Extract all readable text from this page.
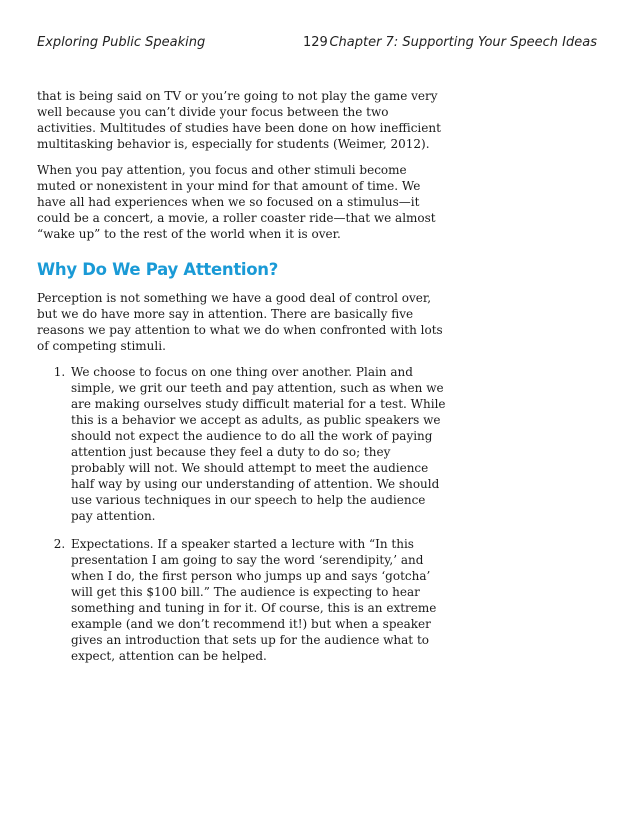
Exploring Public Speaking	129 Chapter 7: Supporting Your Speech Ideas

that is being said on TV or you’re going to not play the game very well because you can’t divide your focus between the two activities. Multitudes of studies have been done on how inefficient multitasking behavior is, especially for students (Weimer, 2012).

When you pay attention, you focus and other stimuli become muted or nonexistent in your mind for that amount of time. We have all had experiences when we so focused on a stimulus—it could be a concert, a movie, a roller coaster ride—that we almost “wake up” to the rest of the world when it is over.

Why Do We Pay Attention?

Perception is not something we have a good deal of control over, but we do have more say in attention. There are basically five reasons we pay attention to what we do when confronted with lots of competing stimuli.

1. We choose to focus on one thing over another. Plain and simple, we grit our teeth and pay attention, such as when we are making ourselves study difficult material for a test. While this is a behavior we accept as adults, as public speakers we should not expect the audience to do all the work of paying attention just because they feel a duty to do so; they probably will not. We should attempt to meet the audience half way by using our understanding of attention. We should use various techniques in our speech to help the audience pay attention.
2. Expectations. If a speaker started a lecture with “In this presentation I am going to say the word ‘serendipity,’ and when I do, the first person who jumps up and says ‘gotcha’ will get this $100 bill.” The audience is expecting to hear something and tuning in for it. Of course, this is an extreme example (and we don’t recommend it!) but when a speaker gives an introduction that sets up for the audience what to expect, attention can be helped.
